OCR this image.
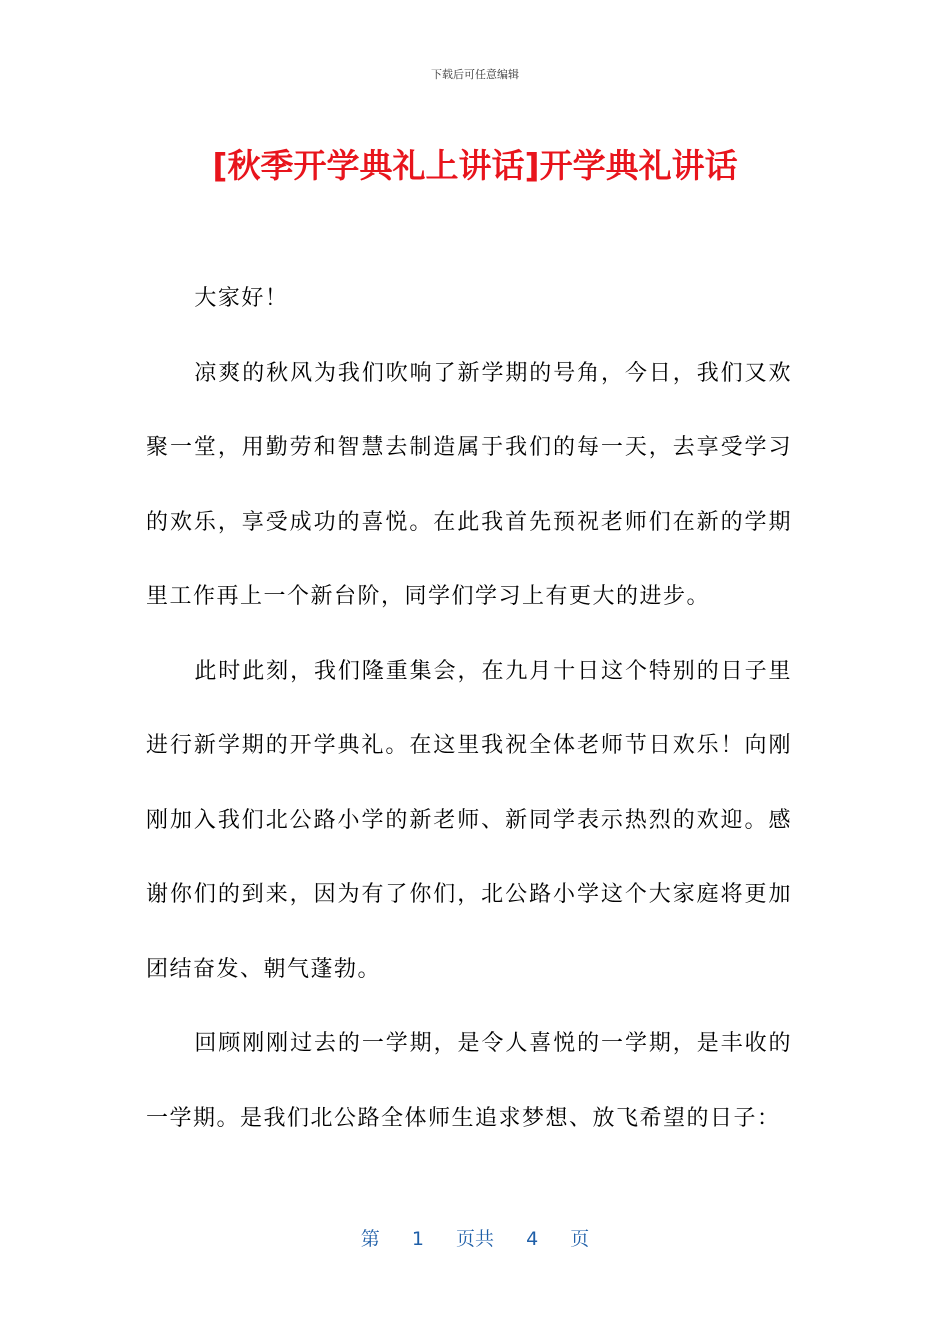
下载后可任意编辑
[秋季开学典礼上讲话]开学典礼讲话

大家好！

凉爽的秋风为我们吹响了新学期的号角，今日，我们又欢聚一堂，用勤劳和智慧去制造属于我们的每一天，去享受学习的欢乐，享受成功的喜悦。在此我首先预祝老师们在新的学期里工作再上一个新台阶，同学们学习上有更大的进步。

此时此刻，我们隆重集会，在九月十日这个特别的日子里进行新学期的开学典礼。在这里我祝全体老师节日欢乐！向刚刚加入我们北公路小学的新老师、新同学表示热烈的欢迎。感谢你们的到来，因为有了你们，北公路小学这个大家庭将更加团结奋发、朝气蓬勃。

回顾刚刚过去的一学期，是令人喜悦的一学期，是丰收的一学期。是我们北公路全体师生追求梦想、放飞希望的日子：

第  1  页共  4  页
